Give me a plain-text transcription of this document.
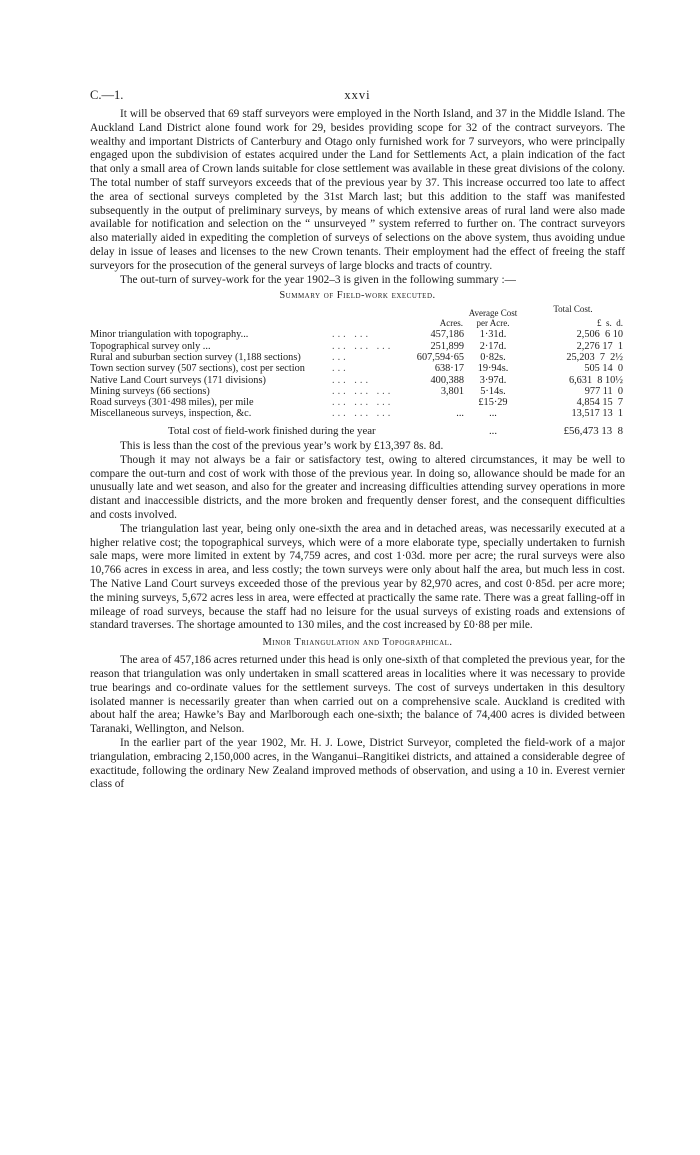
C.—1.	xxvi

It will be observed that 69 staff surveyors were employed in the North Island, and 37 in the Middle Island. The Auckland Land District alone found work for 29, besides providing scope for 32 of the contract surveyors. The wealthy and important Districts of Canterbury and Otago only furnished work for 7 surveyors, who were principally engaged upon the subdivision of estates acquired under the Land for Settlements Act, a plain indication of the fact that only a small area of Crown lands suitable for close settlement was available in these great divisions of the colony. The total number of staff surveyors exceeds that of the previous year by 37. This increase occurred too late to affect the area of sectional surveys completed by the 31st March last; but this addition to the staff was manifested subsequently in the output of preliminary surveys, by means of which extensive areas of rural land were also made available for notification and selection on the “ unsurveyed ” system referred to further on. The contract surveyors also materially aided in expediting the completion of surveys of selections on the above system, thus avoiding undue delay in issue of leases and licenses to the new Crown tenants. Their employment had the effect of freeing the staff surveyors for the prosecution of the general surveys of large blocks and tracts of country.

The out-turn of survey-work for the year 1902–3 is given in the following summary :—

Summary of Field-work executed.
		Acres.	Average Cost per Acre.	Total Cost.
£  s.  d.

Minor triangulation with topography...	... ...	457,186	1·31d.	2,506  6 10
Topographical survey only ...	... ... ...	251,899	2·17d.	2,276 17  1
Rural and suburban section survey (1,188 sections)	...	607,594·65	0·82s.	25,203  7  2½
Town section survey (507 sections), cost per section	...	638·17	19·94s.	505 14  0
Native Land Court surveys (171 divisions)	... ...	400,388	3·97d.	6,631  8 10½
Mining surveys (66 sections)	... ... ...	3,801	5·14s.	977 11  0
Road surveys (301·498 miles), per mile	... ... ...		£15·29	4,854 15  7
Miscellaneous surveys, inspection, &c.	... ... ...	...	...	13,517 13  1
Total cost of field-work finished during the year			...	£56,473 13  8

This is less than the cost of the previous year’s work by £13,397 8s. 8d.

Though it may not always be a fair or satisfactory test, owing to altered circumstances, it may be well to compare the out-turn and cost of work with those of the previous year. In doing so, allowance should be made for an unusually late and wet season, and also for the greater and increasing difficulties attending survey operations in more distant and inaccessible districts, and the more broken and frequently denser forest, and the consequent difficulties and costs involved.

The triangulation last year, being only one-sixth the area and in detached areas, was necessarily executed at a higher relative cost; the topographical surveys, which were of a more elaborate type, specially undertaken to furnish sale maps, were more limited in extent by 74,759 acres, and cost 1·03d. more per acre; the rural surveys were also 10,766 acres in excess in area, and less costly; the town surveys were only about half the area, but much less in cost. The Native Land Court surveys exceeded those of the previous year by 82,970 acres, and cost 0·85d. per acre more; the mining surveys, 5,672 acres less in area, were effected at practically the same rate. There was a great falling-off in mileage of road surveys, because the staff had no leisure for the usual surveys of existing roads and extensions of standard traverses. The shortage amounted to 130 miles, and the cost increased by £0·88 per mile.

Minor Triangulation and Topographical.

The area of 457,186 acres returned under this head is only one-sixth of that completed the previous year, for the reason that triangulation was only undertaken in small scattered areas in localities where it was necessary to provide true bearings and co-ordinate values for the settlement surveys. The cost of surveys undertaken in this desultory isolated manner is necessarily greater than when carried out on a comprehensive scale. Auckland is credited with about half the area; Hawke’s Bay and Marlborough each one-sixth; the balance of 74,400 acres is divided between Taranaki, Wellington, and Nelson.

In the earlier part of the year 1902, Mr. H. J. Lowe, District Surveyor, completed the field-work of a major triangulation, embracing 2,150,000 acres, in the Wanganui–Rangitikei districts, and attained a considerable degree of exactitude, following the ordinary New Zealand improved methods of observation, and using a 10 in. Everest vernier class of
